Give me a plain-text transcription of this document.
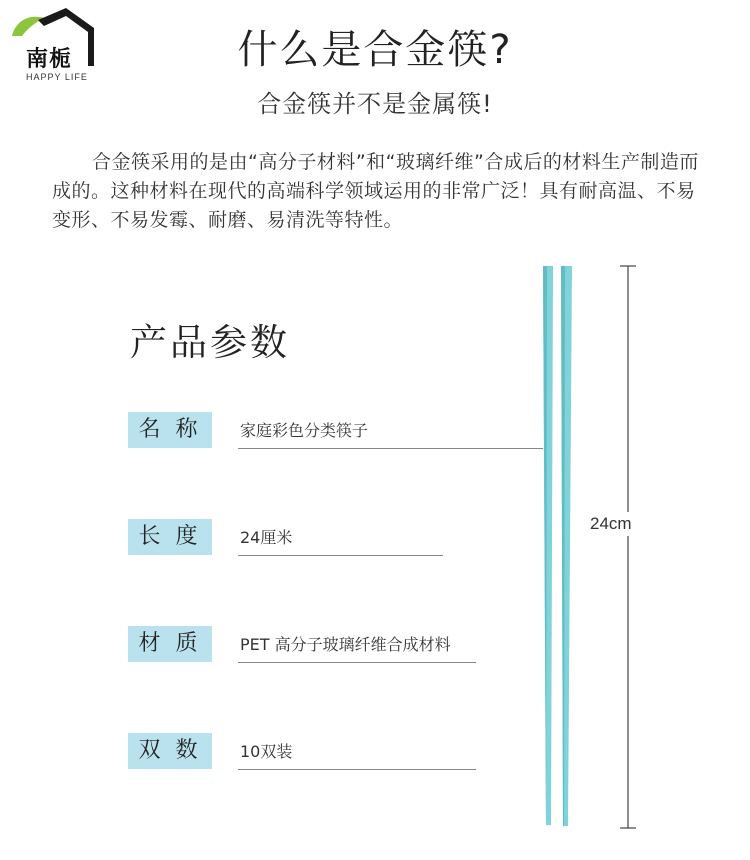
南栀
HAPPY LIFE
什么是合金筷?
合金筷并不是金属筷!
合金筷采用的是由“高分子材料”和“玻璃纤维”合成后的材料生产制造而成的。这种材料在现代的高端科学领域运用的非常广泛！具有耐高温、不易变形、不易发霉、耐磨、易清洗等特性。
产品参数
名 称	家庭彩色分类筷子
长 度	24厘米
材 质	PET 高分子玻璃纤维合成材料
双 数	10双装
24cm
